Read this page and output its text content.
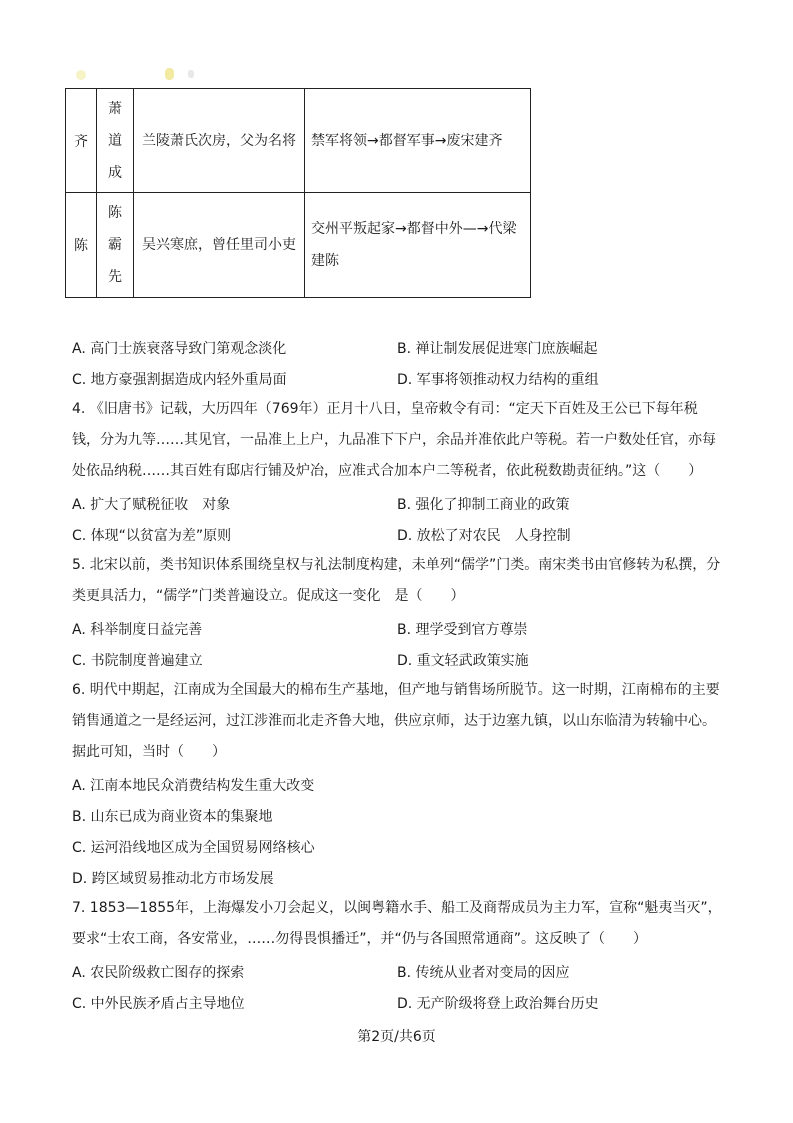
齐	萧
道
成	兰陵萧氏次房，父为名将	禁军将领→都督军事→废宋建齐
陈	陈
霸
先	吴兴寒庶，曾任里司小吏	交州平叛起家→都督中外—→代梁建陈
A. 高门士族衰落导致门第观念淡化	B. 禅让制发展促进寒门庶族崛起
C. 地方豪强割据造成内轻外重局面	D. 军事将领推动权力结构的重组
4. 《旧唐书》记载，大历四年（769年）正月十八日，皇帝敕令有司：“定天下百姓及王公已下每年税钱，分为九等……其见官，一品准上上户，九品准下下户，余品并准依此户等税。若一户数处任官，亦每处依品纳税……其百姓有邸店行铺及炉冶，应准式合加本户二等税者，依此税数勘责征纳。”这（　　）
A. 扩大了赋税征收　对象	B. 强化了抑制工商业的政策
C. 体现“以贫富为差”原则	D. 放松了对农民　人身控制
5. 北宋以前，类书知识体系围绕皇权与礼法制度构建，未单列“儒学”门类。南宋类书由官修转为私撰，分类更具活力，“儒学”门类普遍设立。促成这一变化　是（　　）
A. 科举制度日益完善	B. 理学受到官方尊崇
C. 书院制度普遍建立	D. 重文轻武政策实施
6. 明代中期起，江南成为全国最大的棉布生产基地，但产地与销售场所脱节。这一时期，江南棉布的主要销售通道之一是经运河，过江涉淮而北走齐鲁大地，供应京师，达于边塞九镇，以山东临清为转输中心。据此可知，当时（　　）
A. 江南本地民众消费结构发生重大改变
B. 山东已成为商业资本的集聚地
C. 运河沿线地区成为全国贸易网络核心
D. 跨区域贸易推动北方市场发展
7. 1853—1855年，上海爆发小刀会起义，以闽粤籍水手、船工及商帮成员为主力军，宣称“魁夷当灭”，要求“士农工商，各安常业，……勿得畏惧播迁”，并“仍与各国照常通商”。这反映了（　　）
A. 农民阶级救亡图存的探索	B. 传统从业者对变局的因应
C. 中外民族矛盾占主导地位	D. 无产阶级将登上政治舞台历史
第2页/共6页
